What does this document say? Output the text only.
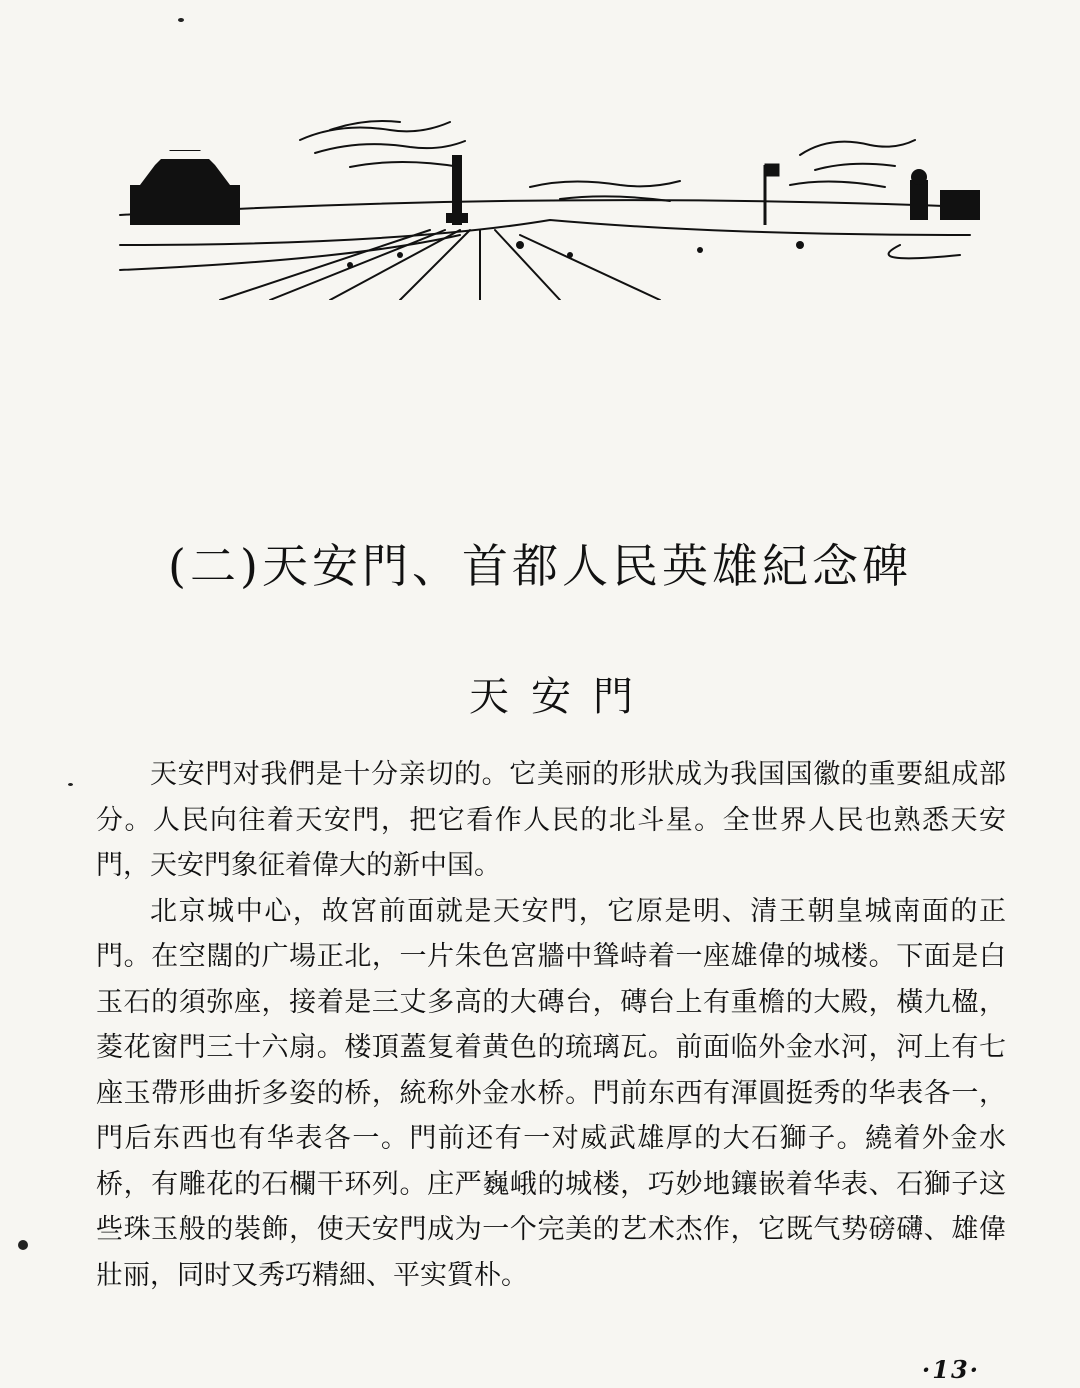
(二)天安門、首都人民英雄紀念碑
天安門

天安門对我們是十分亲切的。它美丽的形狀成为我国国徽的重要組成部分。人民向往着天安門，把它看作人民的北斗星。全世界人民也熟悉天安門，天安門象征着偉大的新中国。

北京城中心，故宮前面就是天安門，它原是明、清王朝皇城南面的正門。在空闊的广場正北，一片朱色宮牆中聳峙着一座雄偉的城楼。下面是白玉石的須弥座，接着是三丈多高的大磚台，磚台上有重檐的大殿，橫九楹，菱花窗門三十六扇。楼頂蓋复着黄色的琉璃瓦。前面临外金水河，河上有七座玉帶形曲折多姿的桥，統称外金水桥。門前东西有渾圓挺秀的华表各一，門后东西也有华表各一。門前还有一对威武雄厚的大石獅子。繞着外金水桥，有雕花的石欄干环列。庄严巍峨的城楼，巧妙地鑲嵌着华表、石獅子这些珠玉般的裝飾，使天安門成为一个完美的艺术杰作，它既气势磅礴、雄偉壯丽，同时又秀巧精細、平实質朴。

·13·
